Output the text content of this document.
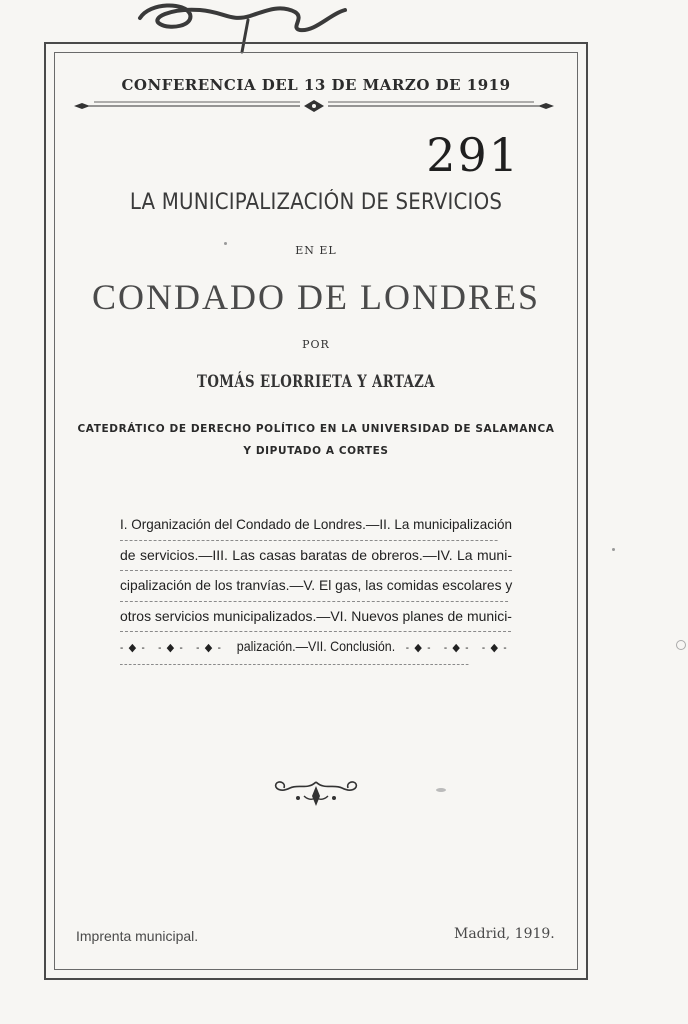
CONFERENCIA DEL 13 DE MARZO DE 1919
291
LA MUNICIPALIZACIÓN DE SERVICIOS
EN EL
CONDADO DE LONDRES
POR
TOMÁS ELORRIETA Y ARTAZA
CATEDRÁTICO DE DERECHO POLÍTICO EN LA UNIVERSIDAD DE SALAMANCA
Y DIPUTADO A CORTES
I. Organización del Condado de Londres.—II. La municipalización
de servicios.—III. Las casas baratas de obreros.—IV. La muni-
cipalización de los tranvías.—V. El gas, las comidas escolares y
otros servicios municipalizados.—VI. Nuevos planes de munici-
-◆- -◆- -◆- palización.—VII. Conclusión. -◆- -◆- -◆-
Imprenta municipal.	Madrid, 1919.
